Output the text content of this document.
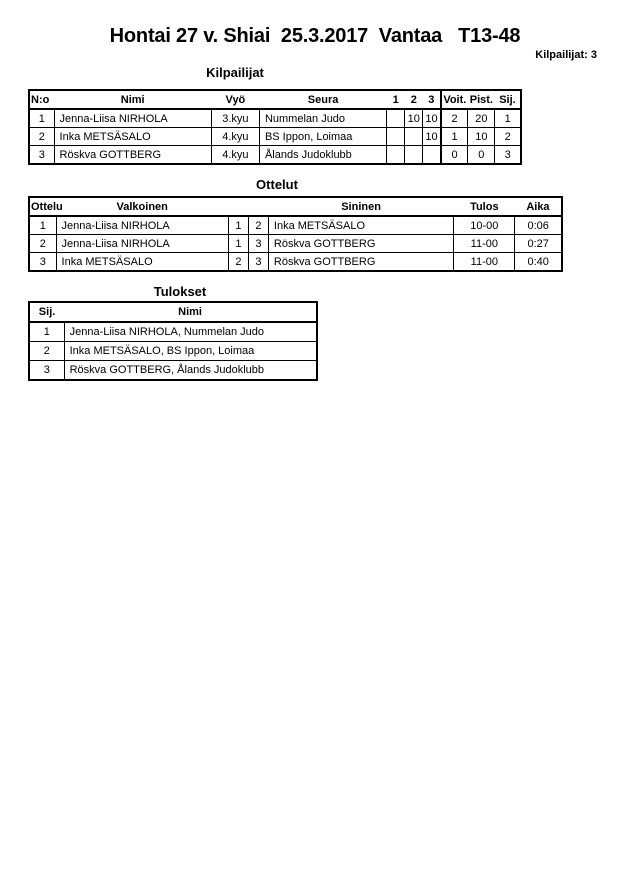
Hontai 27 v. Shiai  25.3.2017  Vantaa   T13-48
Kilpailijat: 3
Kilpailijat
N:o	Nimi	Vyö	Seura	1	2	3	Voit.	Pist.	Sij.
1	Jenna-Liisa NIRHOLA	3.kyu	Nummelan Judo		10	10	2	20	1
2	Inka METSÄSALO	4.kyu	BS Ippon, Loimaa			10	1	10	2
3	Röskva GOTTBERG	4.kyu	Ålands Judoklubb				0	0	3
Ottelut
Ottelu	Valkoinen			Sininen	Tulos	Aika
1	Jenna-Liisa NIRHOLA	1	2	Inka METSÄSALO	10-00	0:06
2	Jenna-Liisa NIRHOLA	1	3	Röskva GOTTBERG	11-00	0:27
3	Inka METSÄSALO	2	3	Röskva GOTTBERG	11-00	0:40
Tulokset
Sij.	Nimi
1	Jenna-Liisa NIRHOLA, Nummelan Judo
2	Inka METSÄSALO, BS Ippon, Loimaa
3	Röskva GOTTBERG, Ålands Judoklubb
